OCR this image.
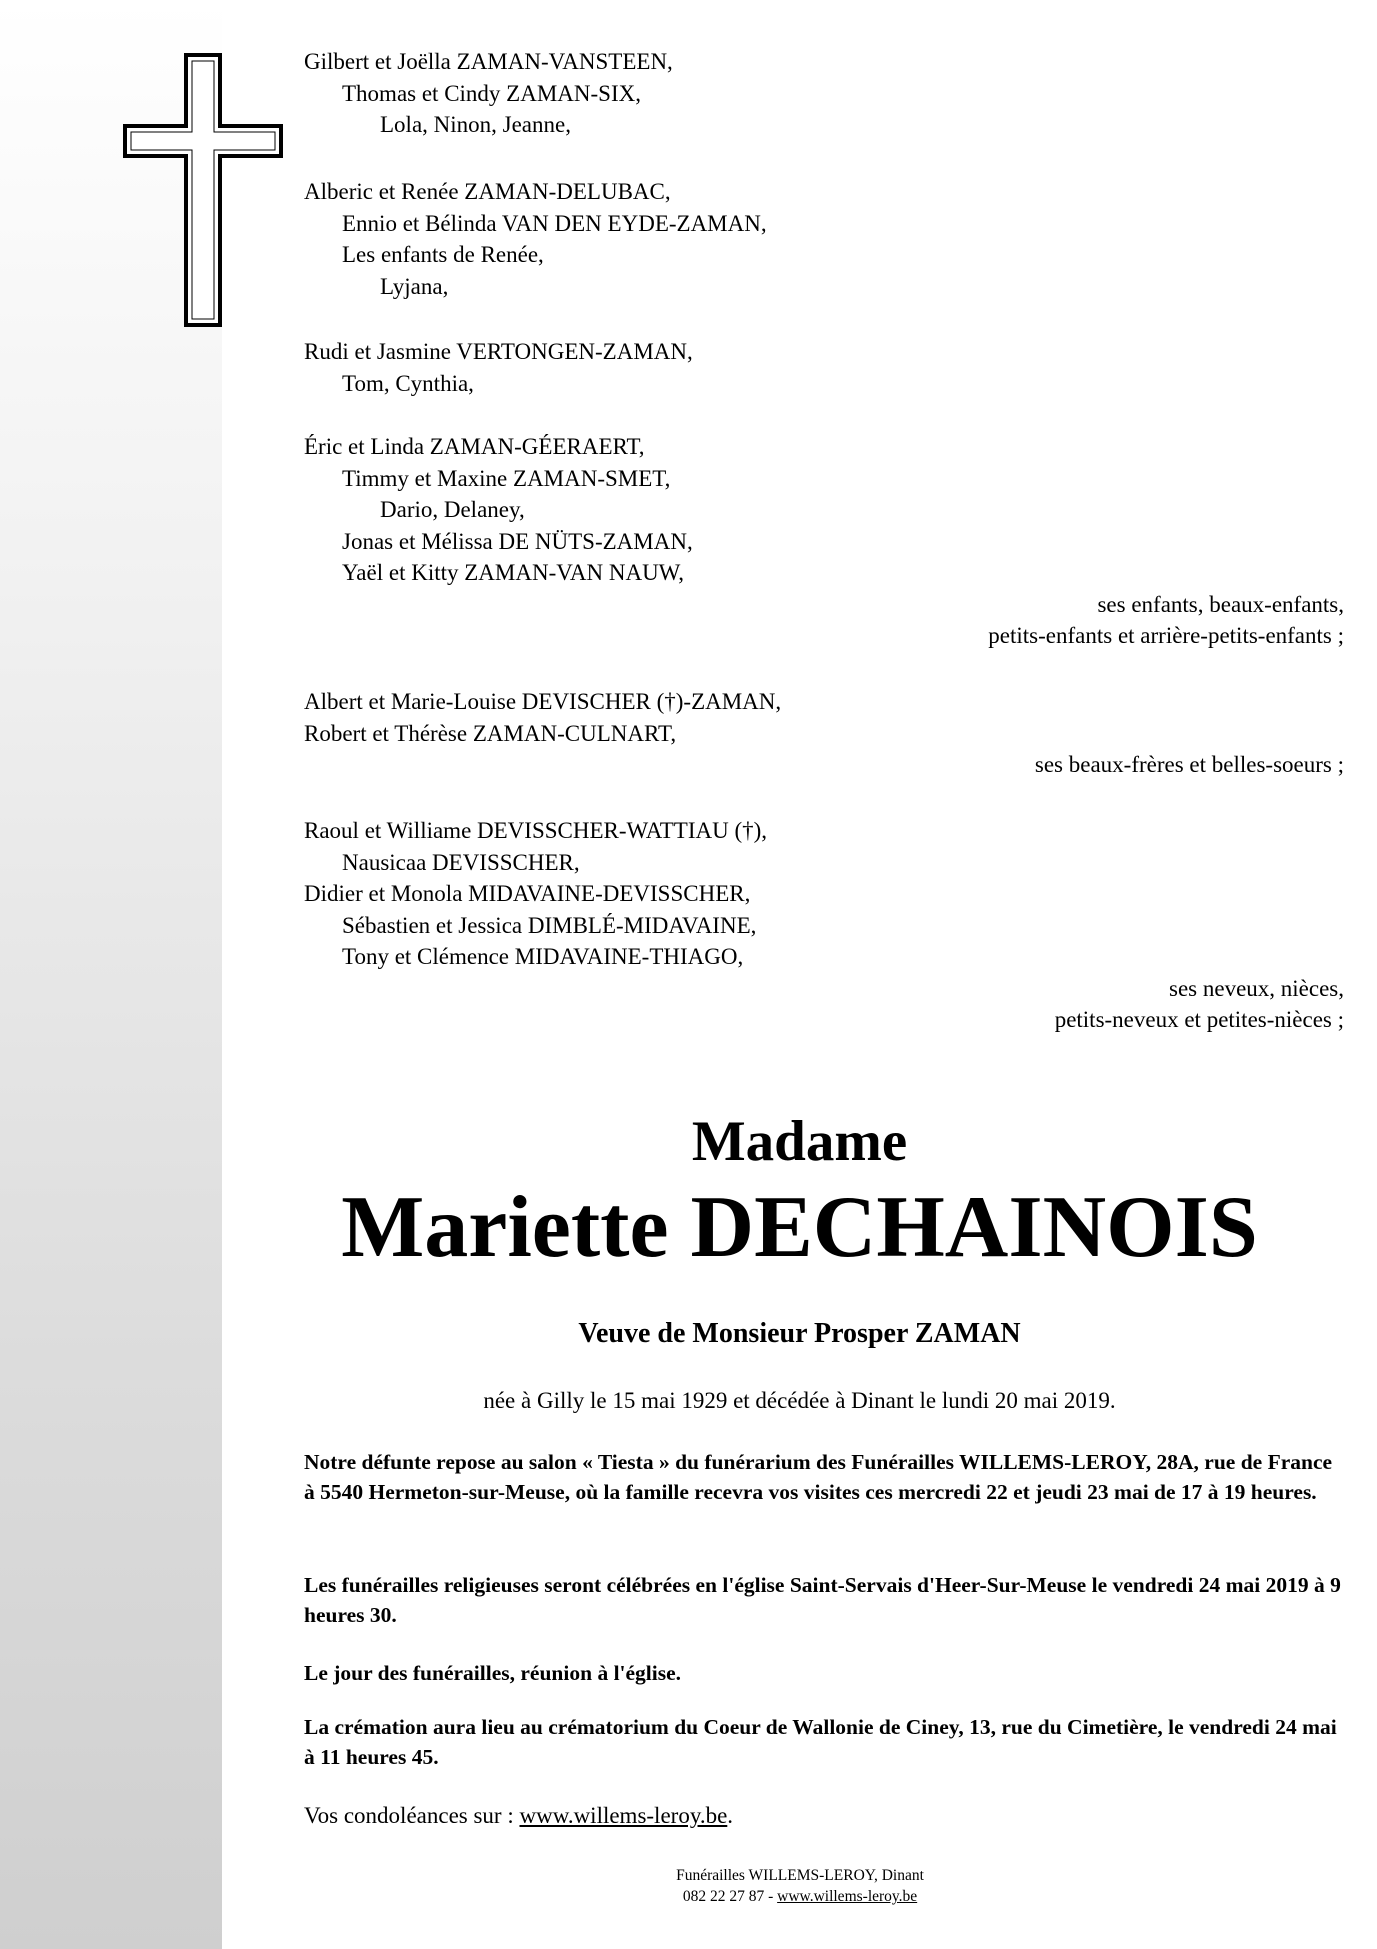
Gilbert et Joëlla ZAMAN-VANSTEEN,
Thomas et Cindy ZAMAN-SIX,
Lola, Ninon, Jeanne,
Alberic et Renée ZAMAN-DELUBAC,
Ennio et Bélinda VAN DEN EYDE-ZAMAN,
Les enfants de Renée,
Lyjana,
Rudi et Jasmine VERTONGEN-ZAMAN,
Tom, Cynthia,
Éric et Linda ZAMAN-GÉERAERT,
Timmy et Maxine ZAMAN-SMET,
Dario, Delaney,
Jonas et Mélissa DE NÜTS-ZAMAN,
Yaël et Kitty ZAMAN-VAN NAUW,
ses enfants, beaux-enfants,
petits-enfants et arrière-petits-enfants ;
Albert et Marie-Louise DEVISCHER (†)-ZAMAN,
Robert et Thérèse ZAMAN-CULNART,
ses beaux-frères et belles-soeurs ;
Raoul et Williame DEVISSCHER-WATTIAU (†),
Nausicaa DEVISSCHER,
Didier et Monola MIDAVAINE-DEVISSCHER,
Sébastien et Jessica DIMBLÉ-MIDAVAINE,
Tony et Clémence MIDAVAINE-THIAGO,
ses neveux, nièces,
petits-neveux et petites-nièces ;
Madame
Mariette DECHAINOIS
Veuve de Monsieur Prosper ZAMAN
née à Gilly le 15 mai 1929 et décédée à Dinant le lundi 20 mai 2019.
Notre défunte repose au salon « Tiesta » du funérarium des Funérailles WILLEMS-LEROY, 28A, rue de France à 5540 Hermeton-sur-Meuse, où la famille recevra vos visites ces mercredi 22 et jeudi 23 mai de 17 à 19 heures.
Les funérailles religieuses seront célébrées en l'église Saint-Servais d'Heer-Sur-Meuse le vendredi 24 mai 2019 à 9 heures 30.
Le jour des funérailles, réunion à l'église.
La crémation aura lieu au crématorium du Coeur de Wallonie de Ciney, 13, rue du Cimetière, le vendredi 24 mai à 11 heures 45.
Vos condoléances sur : www.willems-leroy.be.
Funérailles WILLEMS-LEROY, Dinant
082 22 27 87 - www.willems-leroy.be
